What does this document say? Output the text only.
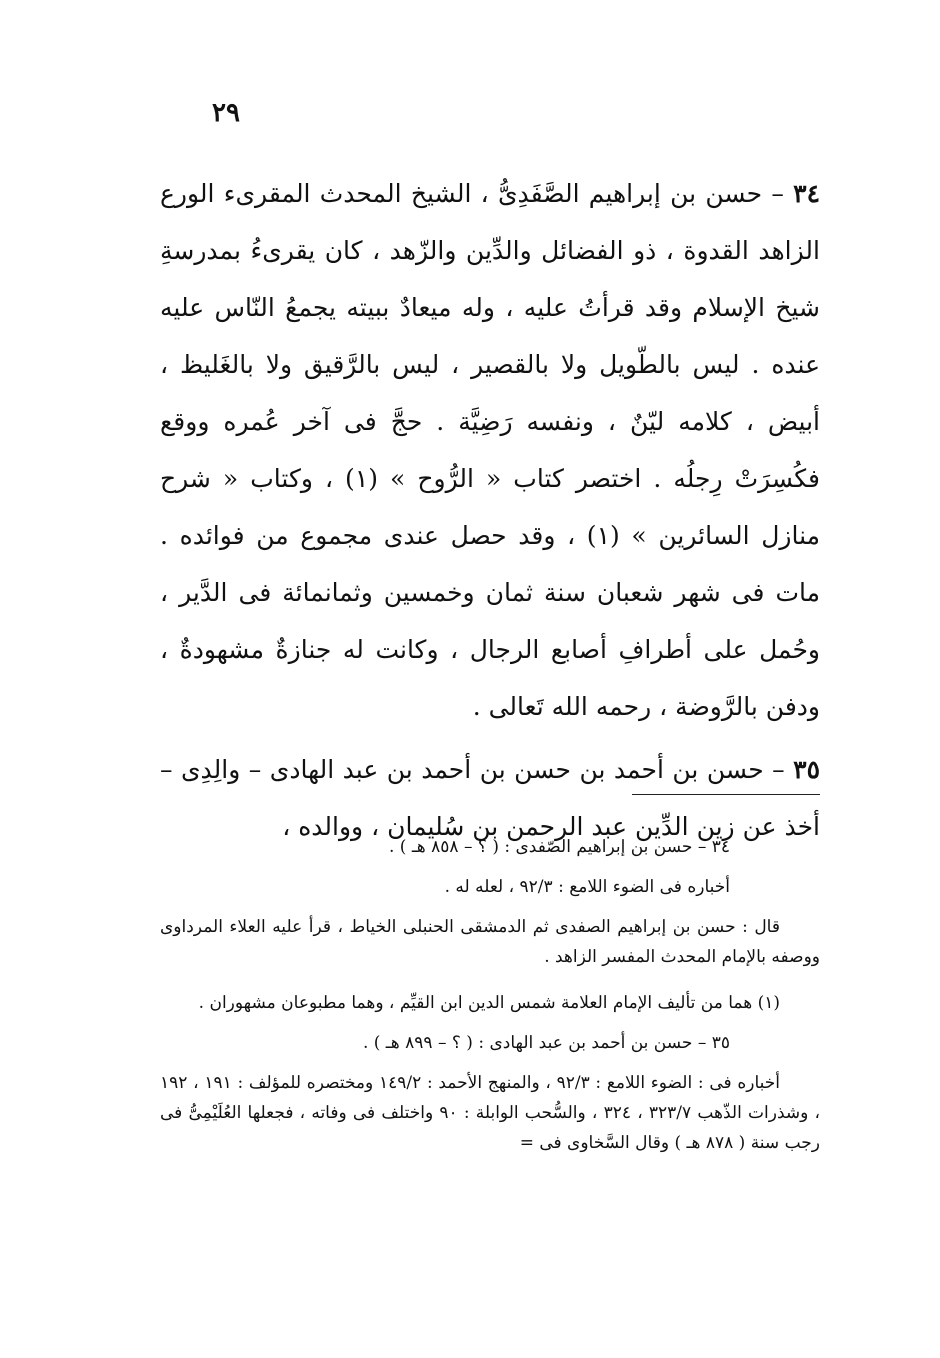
٢٩

٣٤ – حسن بن إبراهيم الصَّفَدِىُّ ، الشيخ المحدث المقرىء الورع الزاهد القدوة ، ذو الفضائل والدِّين والزّهد ، كان يقرىءُ بمدرسةِ شيخ الإسلام وقد قرأتُ عليه ، وله ميعادٌ ببيته يجمعُ النّاس عليه عنده . ليس بالطّويل ولا بالقصير ، ليس بالرَّقيق ولا بالغَليظ ، أبيض ، كلامه ليّنٌ ، ونفسه رَضِيَّة . حجَّ فى آخر عُمره ووقع فكُسِرَتْ رِجلُه . اختصر كتاب « الرُّوح » (١) ، وكتاب « شرح منازل السائرين » (١) ، وقد حصل عندى مجموع من فوائده . مات فى شهر شعبان سنة ثمان وخمسين وثمانمائة فى الدَّير ، وحُمل على أطرافِ أصابع الرجال ، وكانت له جنازةٌ مشهودةٌ ، ودفن بالرَّوضة ، رحمه الله تَعالى .

٣٥ – حسن بن أحمد بن حسن بن أحمد بن عبد الهادى – والِدِى – أخذ عن زين الدِّين عبد الرحمن بن سُليمان ، ووالده ،

٣٤ – حسن بن إبراهيم الصّفدى : ( ؟ – ٨٥٨ هـ ) .

أخباره فى الضوء اللامع : ٩٢/٣ ، لعله له .

قال : حسن بن إبراهيم الصفدى ثم الدمشقى الحنبلى الخياط ، قرأ عليه العلاء المرداوى ووصفه بالإمام المحدث المفسر الزاهد .

(١) هما من تأليف الإمام العلامة شمس الدين ابن القيِّم ، وهما مطبوعان مشهوران .

٣٥ – حسن بن أحمد بن عبد الهادى : ( ؟ – ٨٩٩ هـ ) .

أخباره فى : الضوء اللامع : ٩٢/٣ ، والمنهج الأحمد : ١٤٩/٢ ومختصره للمؤلف : ١٩١ ، ١٩٢ ، وشذرات الذّهب ٣٢٣/٧ ، ٣٢٤ ، والسُّحب الوابلة : ٩٠ واختلف فى وفاته ، فجعلها العُلَيْمِىُّ فى رجب سنة ( ٨٧٨ هـ ) وقال السَّخاوى فى =
